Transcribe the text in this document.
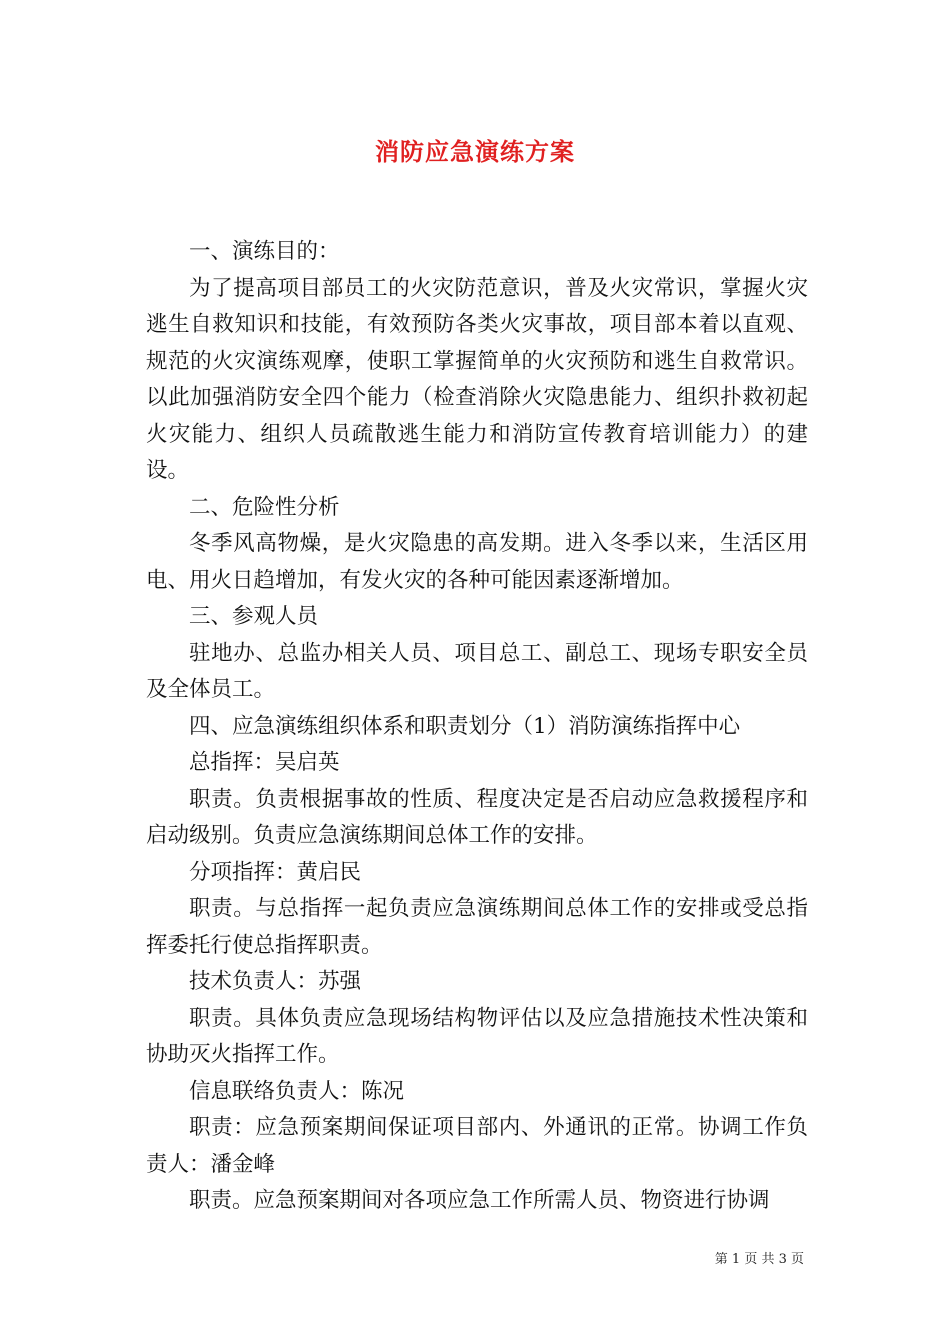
消防应急演练方案

一、演练目的：

为了提高项目部员工的火灾防范意识，普及火灾常识，掌握火灾逃生自救知识和技能，有效预防各类火灾事故，项目部本着以直观、规范的火灾演练观摩，使职工掌握简单的火灾预防和逃生自救常识。以此加强消防安全四个能力（检查消除火灾隐患能力、组织扑救初起火灾能力、组织人员疏散逃生能力和消防宣传教育培训能力）的建设。

二、危险性分析

冬季风高物燥，是火灾隐患的高发期。进入冬季以来，生活区用电、用火日趋增加，有发火灾的各种可能因素逐渐增加。

三、参观人员

驻地办、总监办相关人员、项目总工、副总工、现场专职安全员及全体员工。

四、应急演练组织体系和职责划分（1）消防演练指挥中心

总指挥：吴启英

职责。负责根据事故的性质、程度决定是否启动应急救援程序和启动级别。负责应急演练期间总体工作的安排。

分项指挥：黄启民

职责。与总指挥一起负责应急演练期间总体工作的安排或受总指挥委托行使总指挥职责。

技术负责人：苏强

职责。具体负责应急现场结构物评估以及应急措施技术性决策和协助灭火指挥工作。

信息联络负责人：陈况

职责：应急预案期间保证项目部内、外通讯的正常。协调工作负责人：潘金峰

职责。应急预案期间对各项应急工作所需人员、物资进行协调

第 1 页 共 3 页
